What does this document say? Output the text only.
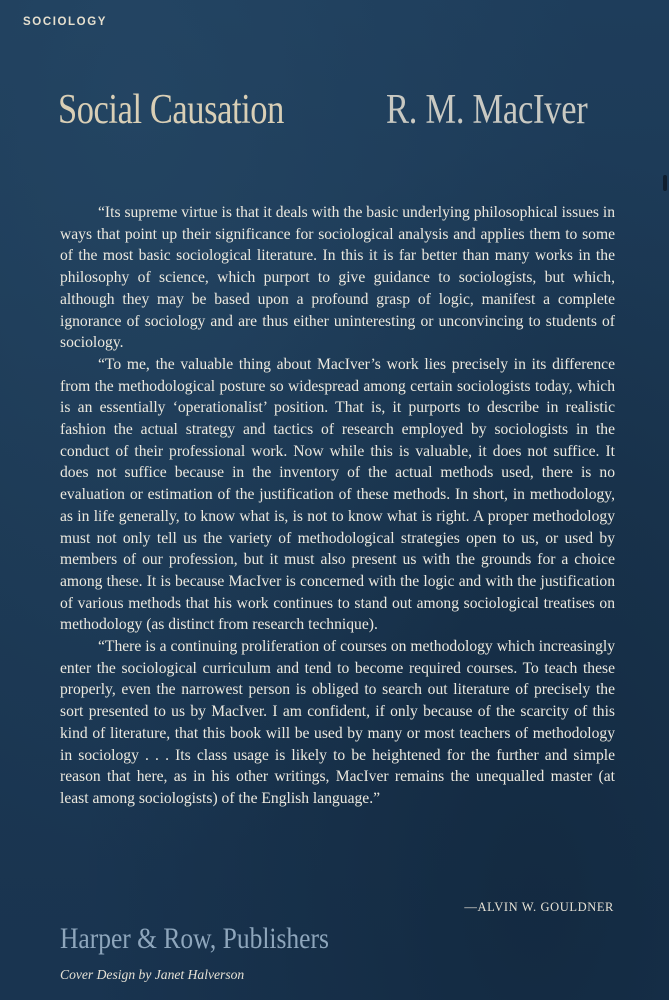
SOCIOLOGY
Social Causation R. M. MacIver

“Its supreme virtue is that it deals with the basic underlying philosophical issues in ways that point up their significance for sociological analysis and applies them to some of the most basic sociological literature. In this it is far better than many works in the philosophy of science, which purport to give guidance to sociologists, but which, although they may be based upon a profound grasp of logic, manifest a complete ignorance of sociology and are thus either uninteresting or unconvincing to students of sociology.

“To me, the valuable thing about MacIver’s work lies precisely in its difference from the methodological posture so widespread among certain sociologists today, which is an essentially ‘operationalist’ position. That is, it purports to describe in realistic fashion the actual strategy and tactics of research employed by sociologists in the conduct of their professional work. Now while this is valuable, it does not suffice. It does not suffice because in the inventory of the actual methods used, there is no evaluation or estimation of the justification of these methods. In short, in methodology, as in life generally, to know what is, is not to know what is right. A proper methodology must not only tell us the variety of methodological strategies open to us, or used by members of our profession, but it must also present us with the grounds for a choice among these. It is because MacIver is concerned with the logic and with the justification of various methods that his work continues to stand out among sociological treatises on methodology (as distinct from research technique).

“There is a continuing proliferation of courses on methodology which increasingly enter the sociological curriculum and tend to become required courses. To teach these properly, even the narrowest person is obliged to search out literature of precisely the sort presented to us by MacIver. I am confident, if only because of the scarcity of this kind of literature, that this book will be used by many or most teachers of methodology in sociology . . . Its class usage is likely to be heightened for the further and simple reason that here, as in his other writings, MacIver remains the unequalled master (at least among sociologists) of the English language.”

—ALVIN W. GOULDNER
Harper & Row, Publishers
Cover Design by Janet Halverson
